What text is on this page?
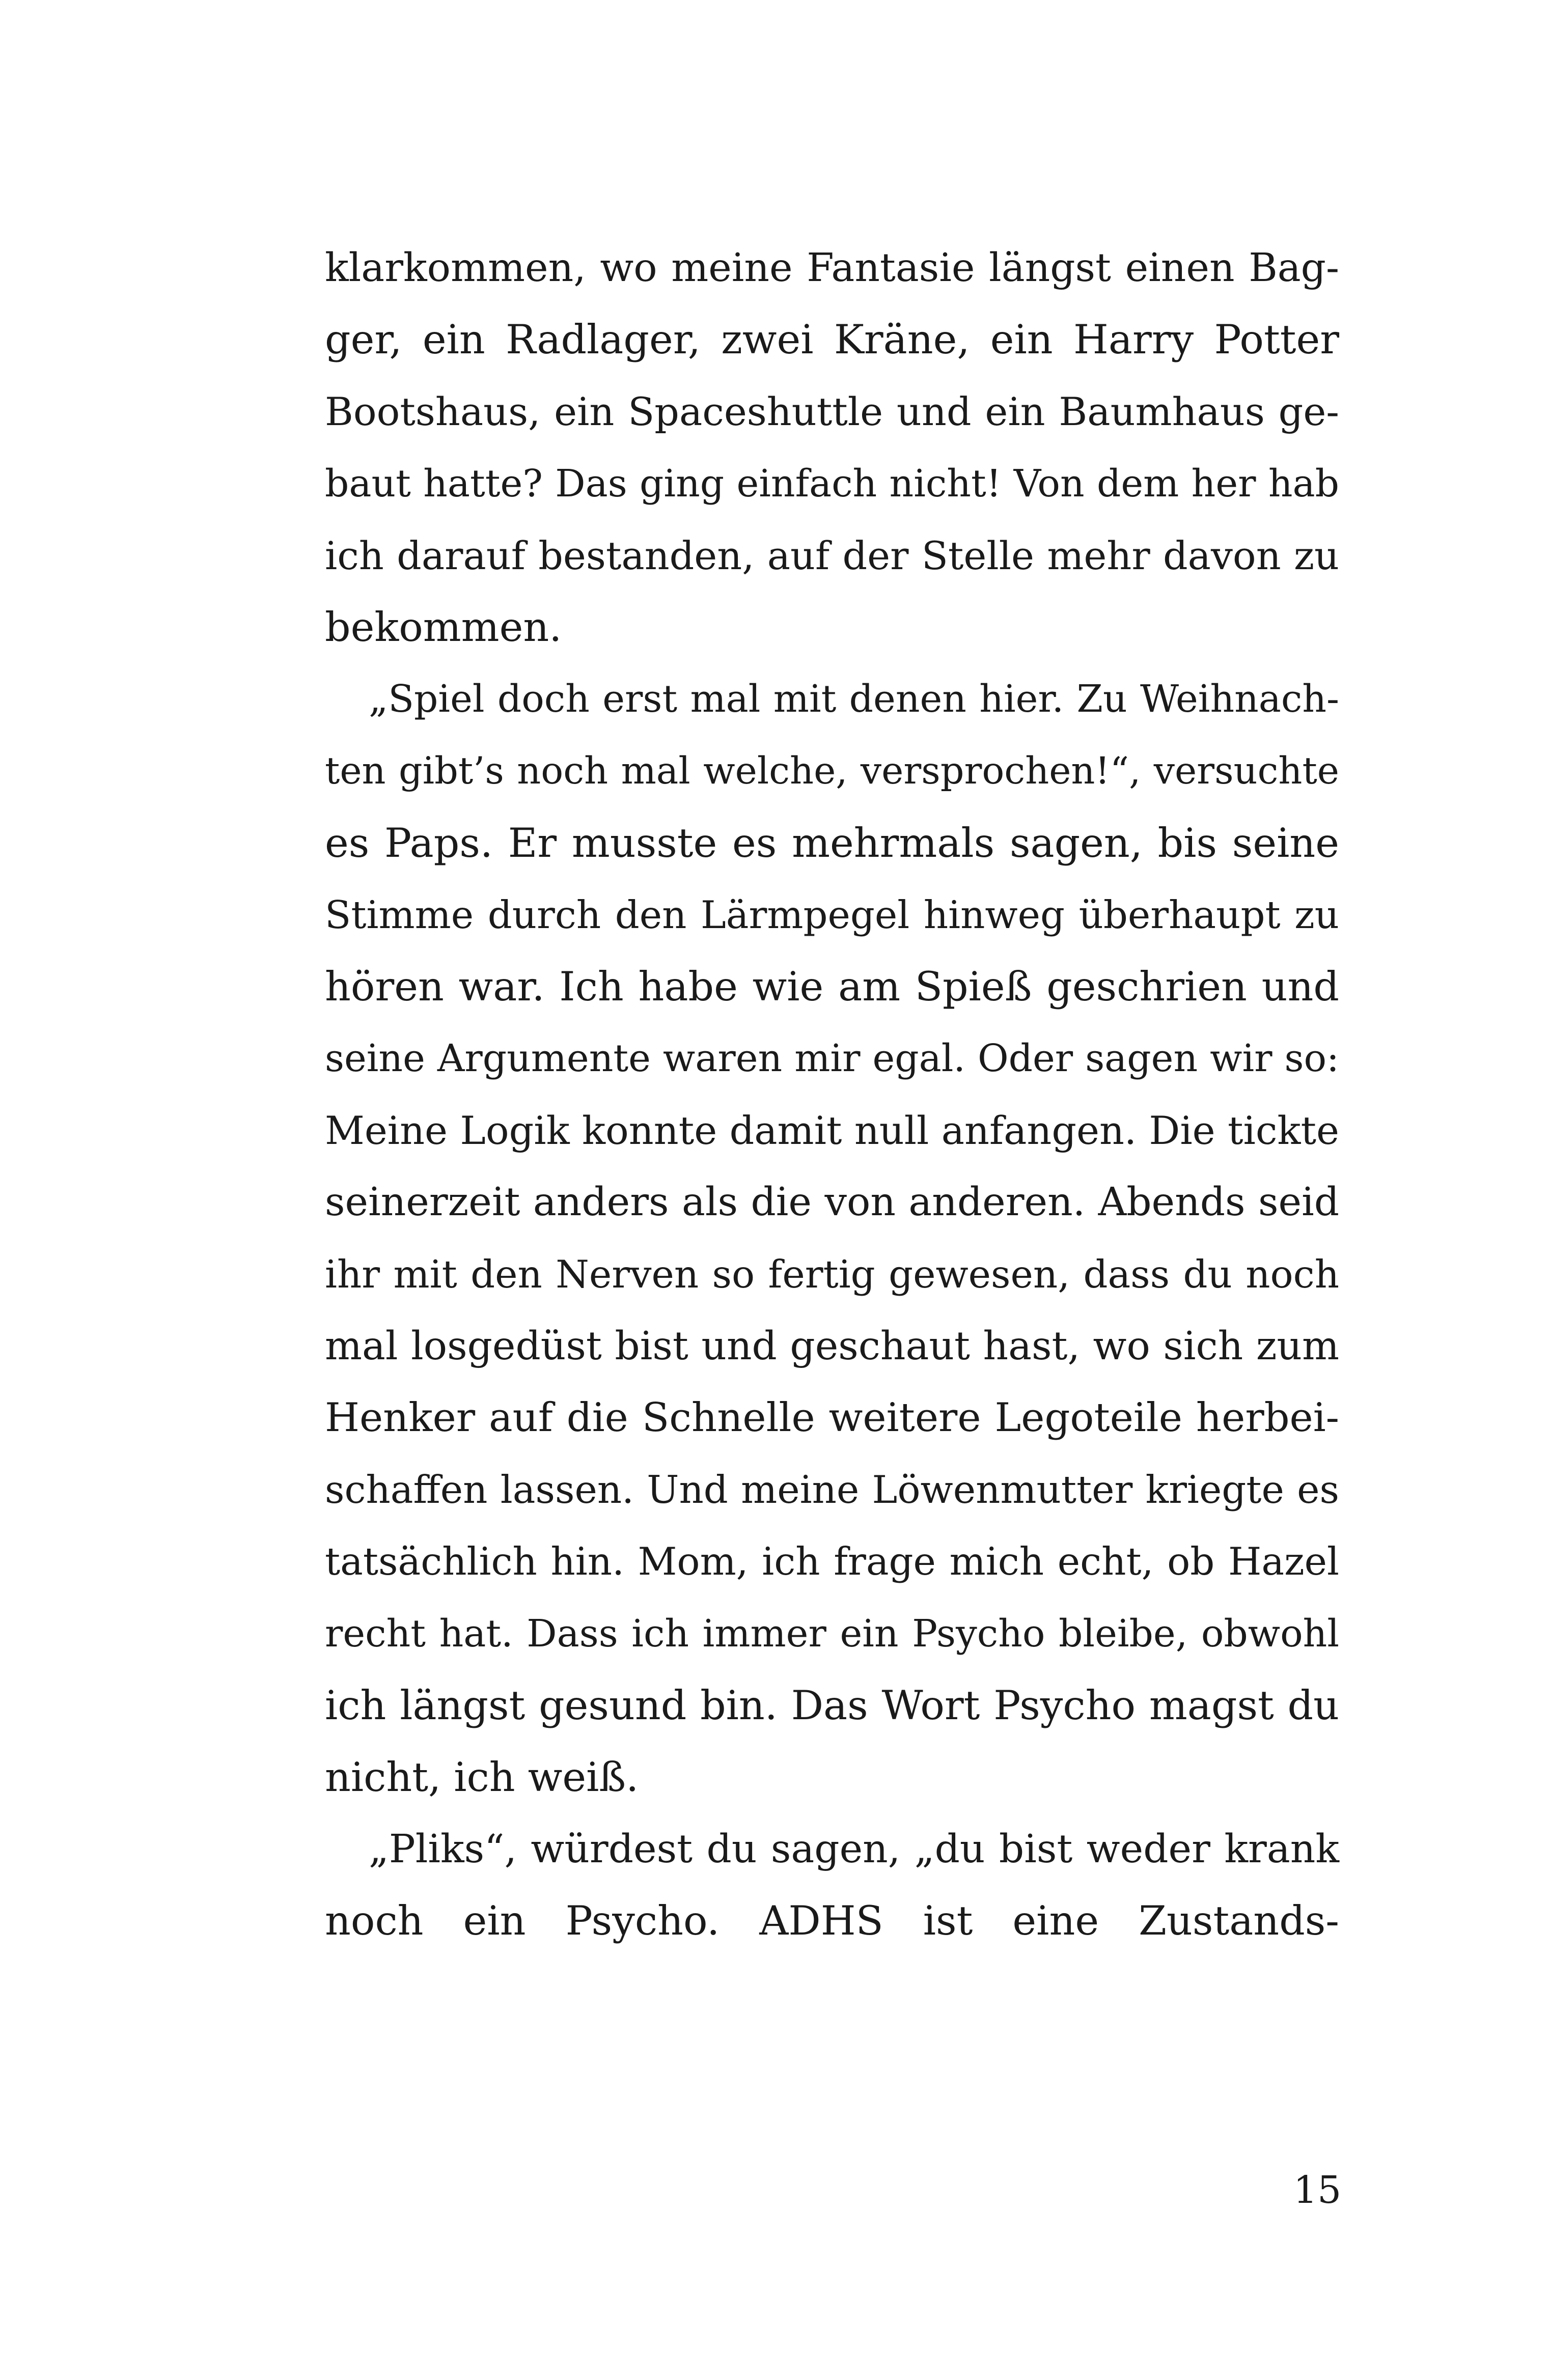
klarkommen, wo meine Fantasie längst einen Bag-
ger, ein Radlager, zwei Kräne, ein Harry Potter
Bootshaus, ein Spaceshuttle und ein Baumhaus ge-
baut hatte? Das ging einfach nicht! Von dem her hab
ich darauf bestanden, auf der Stelle mehr davon zu
bekommen.

„Spiel doch erst mal mit denen hier. Zu Weihnach-
ten gibt’s noch mal welche, versprochen!“, versuchte
es Paps. Er musste es mehrmals sagen, bis seine
Stimme durch den Lärmpegel hinweg überhaupt zu
hören war. Ich habe wie am Spieß geschrien und
seine Argumente waren mir egal. Oder sagen wir so:
Meine Logik konnte damit null anfangen. Die tickte
seinerzeit anders als die von anderen. Abends seid
ihr mit den Nerven so fertig gewesen, dass du noch
mal losgedüst bist und geschaut hast, wo sich zum
Henker auf die Schnelle weitere Legoteile herbei-
schaffen lassen. Und meine Löwenmutter kriegte es
tatsächlich hin. Mom, ich frage mich echt, ob Hazel
recht hat. Dass ich immer ein Psycho bleibe, obwohl
ich längst gesund bin. Das Wort Psycho magst du
nicht, ich weiß.

„Pliks“, würdest du sagen, „du bist weder krank
noch ein Psycho. ADHS ist eine Zustands-

15
